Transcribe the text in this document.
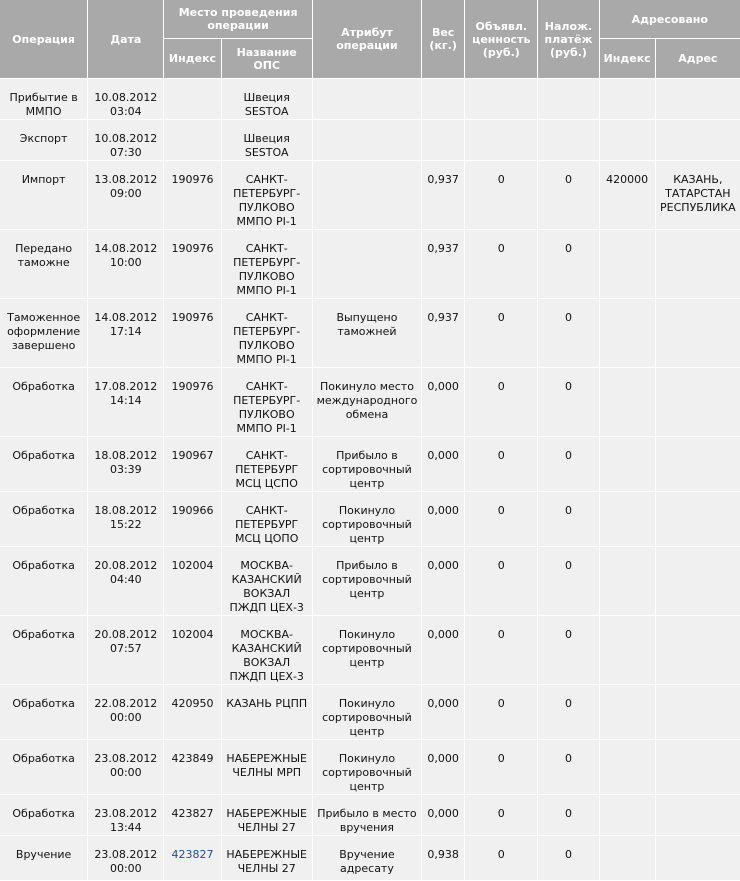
Операция	Дата	Место проведения операции		Атрибут операции	Вес (кг.)	Объявл. ценность (руб.)	Налож. платёж (руб.)	Адресовано	
		Индекс	Название ОПС					Индекс	Адрес
Прибытие в ММПО	10.08.2012 03:04		Швеция SESTOA						
Экспорт	10.08.2012 07:30		Швеция SESTOA						
Импорт	13.08.2012 09:00	190976	САНКТ-ПЕТЕРБУРГ-ПУЛКОВО ММПО PI-1		0,937	0	0	420000	КАЗАНЬ, ТАТАРСТАН РЕСПУБЛИКА
Передано таможне	14.08.2012 10:00	190976	САНКТ-ПЕТЕРБУРГ-ПУЛКОВО ММПО PI-1		0,937	0	0		
Таможенное оформление завершено	14.08.2012 17:14	190976	САНКТ-ПЕТЕРБУРГ-ПУЛКОВО ММПО PI-1	Выпущено таможней	0,937	0	0		
Обработка	17.08.2012 14:14	190976	САНКТ-ПЕТЕРБУРГ-ПУЛКОВО ММПО PI-1	Покинуло место международного обмена	0,000	0	0		
Обработка	18.08.2012 03:39	190967	САНКТ-ПЕТЕРБУРГ МСЦ ЦСПО	Прибыло в сортировочный центр	0,000	0	0		
Обработка	18.08.2012 15:22	190966	САНКТ-ПЕТЕРБУРГ МСЦ ЦОПО	Покинуло сортировочный центр	0,000	0	0		
Обработка	20.08.2012 04:40	102004	МОСКВА-КАЗАНСКИЙ ВОКЗАЛ ПЖДП ЦЕХ-3	Прибыло в сортировочный центр	0,000	0	0		
Обработка	20.08.2012 07:57	102004	МОСКВА-КАЗАНСКИЙ ВОКЗАЛ ПЖДП ЦЕХ-3	Покинуло сортировочный центр	0,000	0	0		
Обработка	22.08.2012 00:00	420950	КАЗАНЬ РЦПП	Покинуло сортировочный центр	0,000	0	0		
Обработка	23.08.2012 00:00	423849	НАБЕРЕЖНЫЕ ЧЕЛНЫ МРП	Покинуло сортировочный центр	0,000	0	0		
Обработка	23.08.2012 13:44	423827	НАБЕРЕЖНЫЕ ЧЕЛНЫ 27	Прибыло в место вручения	0,000	0	0		
Вручение	23.08.2012 00:00	423827	НАБЕРЕЖНЫЕ ЧЕЛНЫ 27	Вручение адресату	0,938	0	0		
